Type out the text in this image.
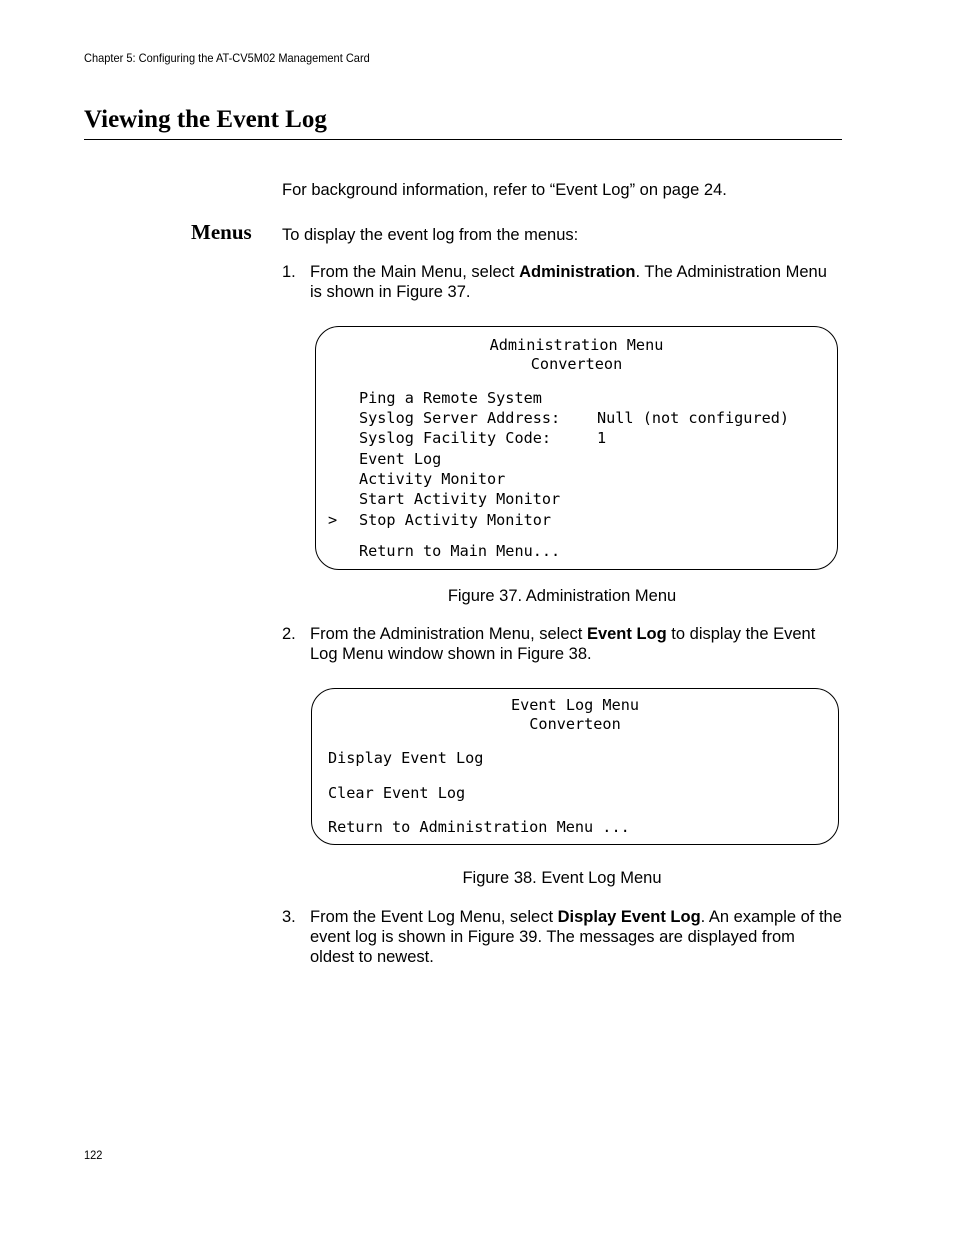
Chapter 5: Configuring the AT-CV5M02 Management Card
Viewing the Event Log
For background information, refer to “Event Log” on page 24.
Menus To display the event log from the menus:
1. From the Main Menu, select Administration. The Administration Menu is shown in Figure 37.
Administration Menu
Converteon
Ping a Remote System
Syslog Server Address: Null (not configured)
Syslog Facility Code:	1
Event Log
Activity Monitor
Start Activity Monitor
> Stop Activity Monitor
Return to Main Menu...
Figure 37. Administration Menu
2. From the Administration Menu, select Event Log to display the Event Log Menu window shown in Figure 38.
Event Log Menu
Converteon
Display Event Log
Clear Event Log
Return to Administration Menu ...
Figure 38. Event Log Menu
3. From the Event Log Menu, select Display Event Log. An example of the event log is shown in Figure 39. The messages are displayed from oldest to newest.
122
